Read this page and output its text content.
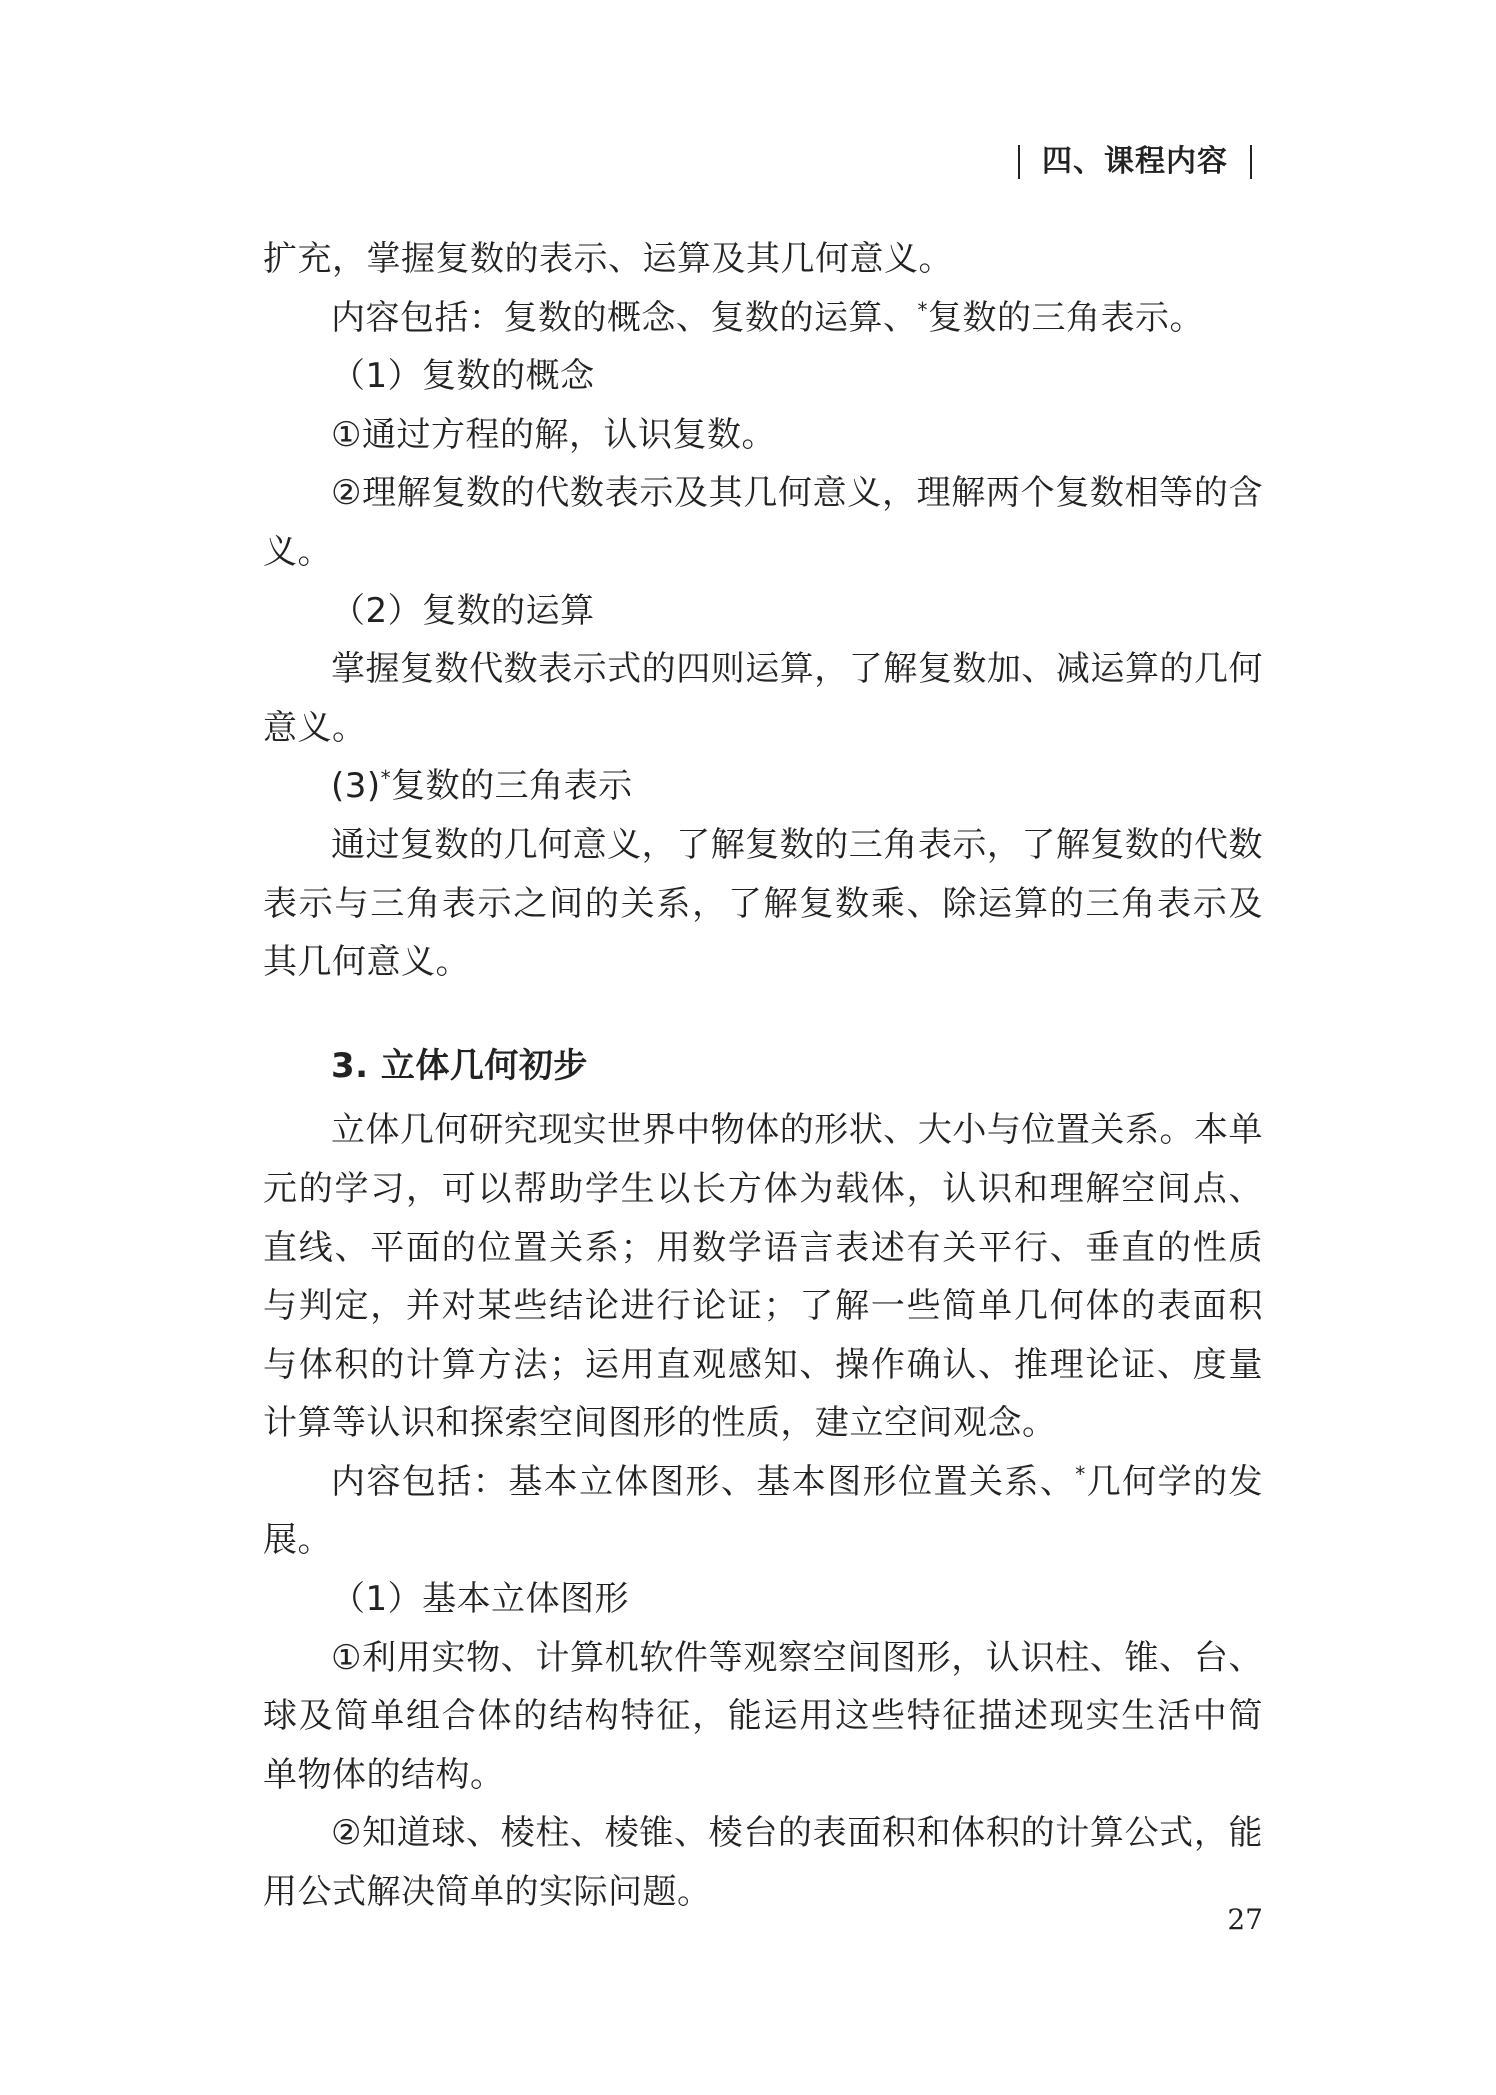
四、课程内容

扩充，掌握复数的表示、运算及其几何意义。

内容包括：复数的概念、复数的运算、*复数的三角表示。

（1）复数的概念

①通过方程的解，认识复数。

②理解复数的代数表示及其几何意义，理解两个复数相等的含义。

（2）复数的运算

掌握复数代数表示式的四则运算，了解复数加、减运算的几何意义。

(3)*复数的三角表示

通过复数的几何意义，了解复数的三角表示，了解复数的代数表示与三角表示之间的关系，了解复数乘、除运算的三角表示及其几何意义。

3. 立体几何初步

立体几何研究现实世界中物体的形状、大小与位置关系。本单元的学习，可以帮助学生以长方体为载体，认识和理解空间点、直线、平面的位置关系；用数学语言表述有关平行、垂直的性质与判定，并对某些结论进行论证；了解一些简单几何体的表面积与体积的计算方法；运用直观感知、操作确认、推理论证、度量计算等认识和探索空间图形的性质，建立空间观念。

内容包括：基本立体图形、基本图形位置关系、*几何学的发展。

（1）基本立体图形

①利用实物、计算机软件等观察空间图形，认识柱、锥、台、球及简单组合体的结构特征，能运用这些特征描述现实生活中简单物体的结构。

②知道球、棱柱、棱锥、棱台的表面积和体积的计算公式，能用公式解决简单的实际问题。

27
